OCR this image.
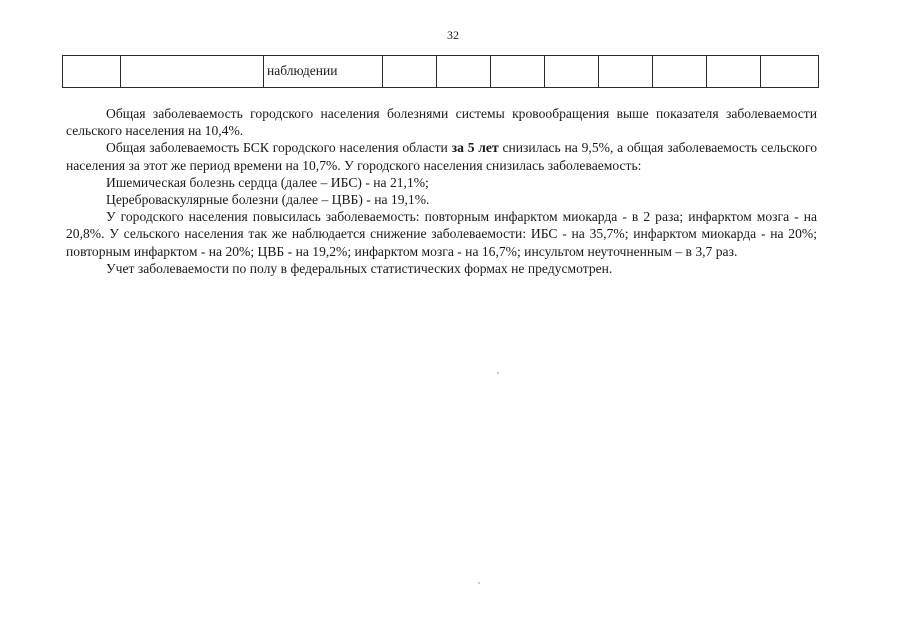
32
		наблюдении								

Общая заболеваемость городского населения болезнями системы кровообращения выше показателя заболеваемости сельского населения на 10,4%.

Общая заболеваемость БСК городского населения области за 5 лет снизилась на 9,5%, а общая заболеваемость сельского населения за этот же период времени на 10,7%. У городского населения снизилась заболеваемость:

Ишемическая болезнь сердца (далее – ИБС) - на 21,1%;

Цереброваскулярные болезни (далее – ЦВБ) - на 19,1%.

У городского населения повысилась заболеваемость: повторным инфарктом миокарда - в 2 раза; инфарктом мозга - на 20,8%. У сельского населения так же наблюдается снижение заболеваемости: ИБС - на 35,7%; инфарктом миокарда - на 20%; повторным инфарктом - на 20%; ЦВБ - на 19,2%; инфарктом мозга - на 16,7%; инсультом неуточненным – в 3,7 раз.

Учет заболеваемости по полу в федеральных статистических формах не предусмотрен.
